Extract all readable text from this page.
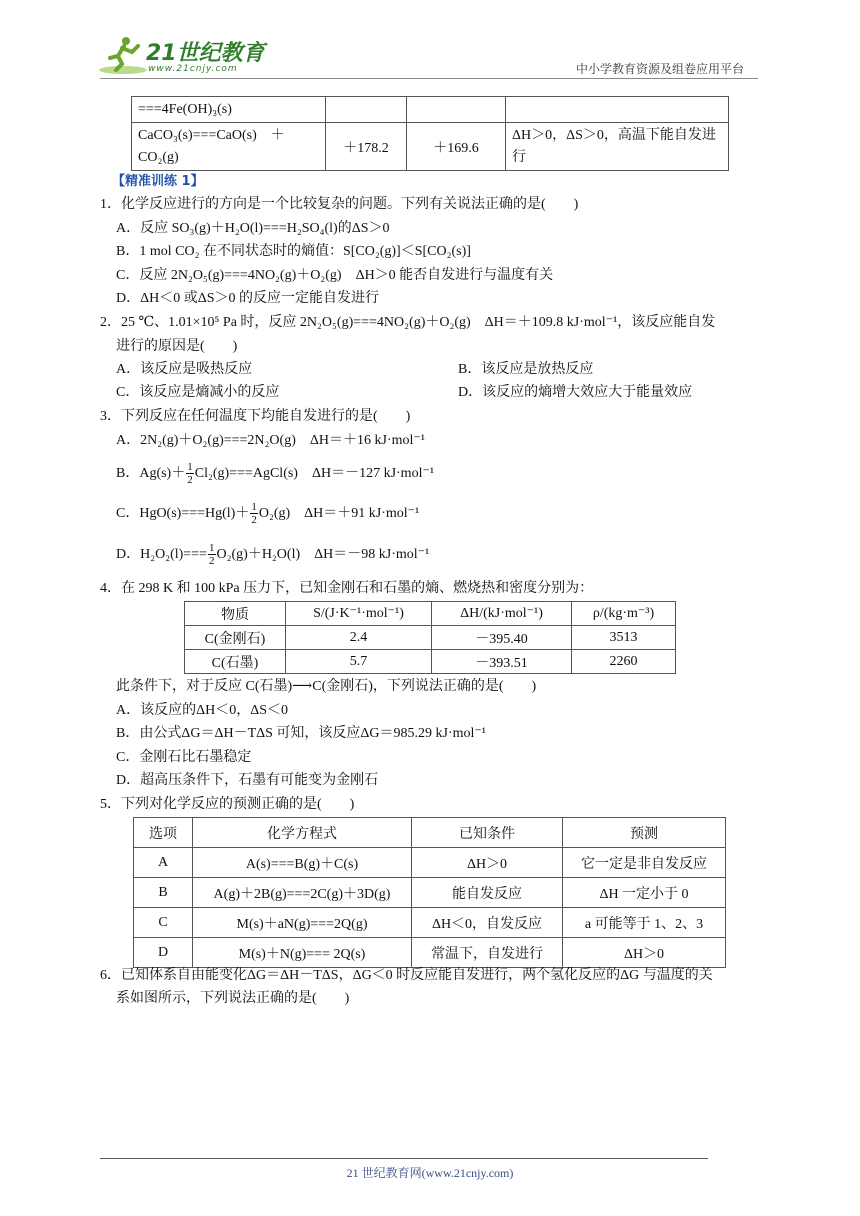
21世纪教育
www.21cnjy.com	中小学教育资源及组卷应用平台
===4Fe(OH)₃(s)			
CaCO₃(s)===CaO(s)　＋CO₂(g)	＋178.2	＋169.6	ΔH＞0，ΔS＞0，高温下能自发进行
【精准训练 1】
1．化学反应进行的方向是一个比较复杂的问题。下列有关说法正确的是(　　)
A．反应 SO₃(g)＋H₂O(l)===H₂SO₄(l)的ΔS＞0
B．1 mol CO₂ 在不同状态时的熵值：S[CO₂(g)]＜S[CO₂(s)]
C．反应 2N₂O₅(g)===4NO₂(g)＋O₂(g)　ΔH＞0 能否自发进行与温度有关
D．ΔH＜0 或ΔS＞0 的反应一定能自发进行
2．25 ℃、1.01×10⁵ Pa 时，反应 2N₂O₅(g)===4NO₂(g)＋O₂(g)　ΔH＝＋109.8 kJ·mol⁻¹，该反应能自发
进行的原因是(　　)
A．该反应是吸热反应	B．该反应是放热反应
C．该反应是熵减小的反应	D．该反应的熵增大效应大于能量效应
3．下列反应在任何温度下均能自发进行的是(　　)
A．2N₂(g)＋O₂(g)===2N₂O(g)　ΔH＝＋16 kJ·mol⁻¹
B．$Ag(s)+ \frac{1}{2}$ Cl₂(g)===AgCl(s)　ΔH＝－127 kJ·mol⁻¹
C．$HgO(s)===Hg(l)+ \frac{1}{2} O_2(g)$　ΔH＝＋91 kJ·mol⁻¹
D．$H_2O_2(l)=== \frac{1}{2} O_2(g)+H_2O(l)$　ΔH＝－98 kJ·mol⁻¹
4．在 298 K 和 100 kPa 压力下，已知金刚石和石墨的熵、燃烧热和密度分别为：
物质	S/(J·K⁻¹·mol⁻¹)	ΔH/(kJ·mol⁻¹)	ρ/(kg·m⁻³)
C(金刚石)	2.4	－395.40	3513
C(石墨)	5.7	－393.51	2260
此条件下，对于反应 C(石墨)⟶C(金刚石)，下列说法正确的是(　　)
A．该反应的ΔH＜0，ΔS＜0
B．由公式ΔG＝ΔH－TΔS 可知，该反应ΔG＝985.29 kJ·mol⁻¹
C．金刚石比石墨稳定
D．超高压条件下，石墨有可能变为金刚石
5．下列对化学反应的预测正确的是(　　)
选项	化学方程式	已知条件	预测
A	A(s)===B(g)＋C(s)	ΔH＞0	它一定是非自发反应
B	A(g)＋2B(g)===2C(g)＋3D(g)	能自发反应	ΔH 一定小于 0
C	M(s)＋aN(g)===2Q(g)	ΔH＜0，自发反应	a 可能等于 1、2、3
D	M(s)＋N(g)=== 2Q(s)	常温下，自发进行	ΔH＞0
6．已知体系自由能变化ΔG＝ΔH－TΔS，ΔG＜0 时反应能自发进行，两个氢化反应的ΔG 与温度的关
系如图所示，下列说法正确的是(　　)
21 世纪教育网(www.21cnjy.com)
